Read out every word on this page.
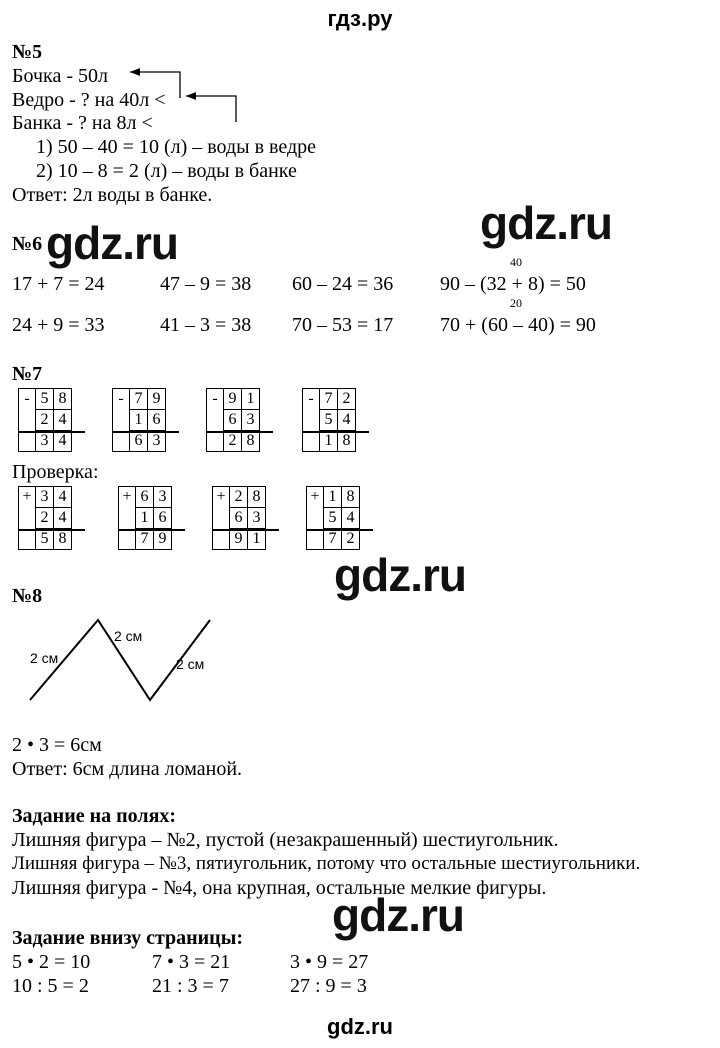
гдз.ру
№5
Бочка - 50л
Ведро - ? на 40л <
Банка - ? на 8л <
1) 50 – 40 = 10 (л) – воды в ведре
2) 10 – 8 = 2 (л) – воды в банке
Ответ: 2л воды в банке.
gdz.ru
gdz.ru
№6
40
17 + 7 = 24	47 – 9 = 38 60 – 24 = 36 90 – (32 + 8) = 50
20
24 + 9 = 33	41 – 3 = 38 70 – 53 = 17 70 + (60 – 40) = 90
№7
-	5	8
	2	4
	3	4
-	7	9
	1	6
	6	3
-	9	1
	6	3
	2	8
-	7	2
	5	4
	1	8
Проверка:
+	3	4
	2	4
	5	8
+	6	3
	1	6
	7	9
+	2	8
	6	3
	9	1
+	1	8
	5	4
	7	2
gdz.ru
№8
2 см
2 см
2 см
2 • 3 = 6см
Ответ: 6см длина ломаной.
Задание на полях:
Лишняя фигура – №2, пустой (незакрашенный) шестиугольник.
Лишняя фигура – №3, пятиугольник, потому что остальные шестиугольники.
Лишняя фигура - №4, она крупная, остальные мелкие фигуры.
gdz.ru
Задание внизу страницы:
5 • 2 = 10	7 • 3 = 21	3 • 9 = 27
10 : 5 = 2	21 : 3 = 7	27 : 9 = 3
gdz.ru
